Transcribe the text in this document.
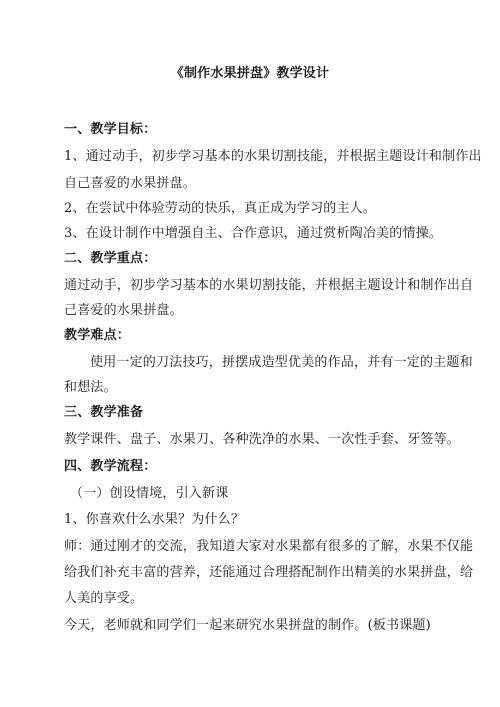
《制作水果拼盘》教学设计
一、教学目标：
1、通过动手，初步学习基本的水果切割技能，并根据主题设计和制作出
自己喜爱的水果拼盘。
2、在尝试中体验劳动的快乐，真正成为学习的主人。
3、在设计制作中增强自主、合作意识，通过赏析陶冶美的情操。
二、教学重点：
通过动手，初步学习基本的水果切割技能，并根据主题设计和制作出自
己喜爱的水果拼盘。
教学难点：
使用一定的刀法技巧，拼摆成造型优美的作品，并有一定的主题和
和想法。
三、教学准备
教学课件、盘子、水果刀、各种洗净的水果、一次性手套、牙签等。
四、教学流程：
（一）创设情境，引入新课
1、你喜欢什么水果？为什么？
师：通过刚才的交流，我知道大家对水果都有很多的了解，水果不仅能
给我们补充丰富的营养，还能通过合理搭配制作出精美的水果拼盘，给
人美的享受。
今天，老师就和同学们一起来研究水果拼盘的制作。(板书课题)
